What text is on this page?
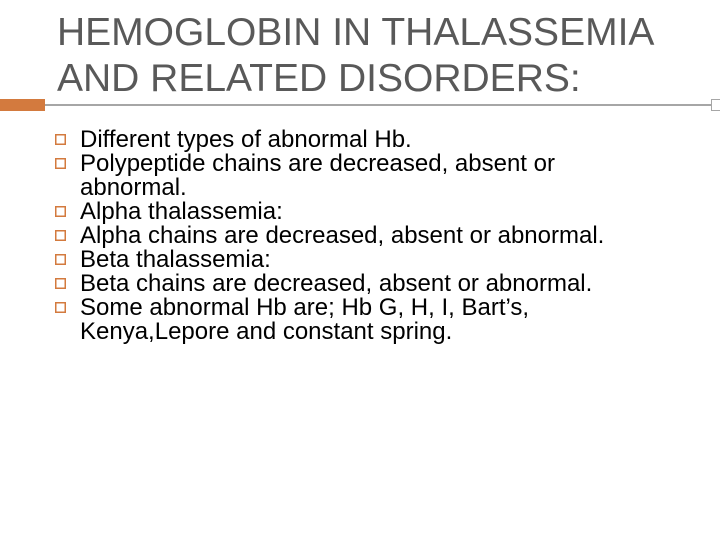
HEMOGLOBIN IN THALASSEMIA
AND RELATED DISORDERS:
Different types of abnormal Hb.
Polypeptide chains are decreased, absent or
abnormal.
Alpha thalassemia:
Alpha chains are decreased, absent or abnormal.
Beta thalassemia:
Beta chains are decreased, absent or abnormal.
Some abnormal Hb are; Hb G, H, I, Bart’s,
Kenya,Lepore and constant spring.
